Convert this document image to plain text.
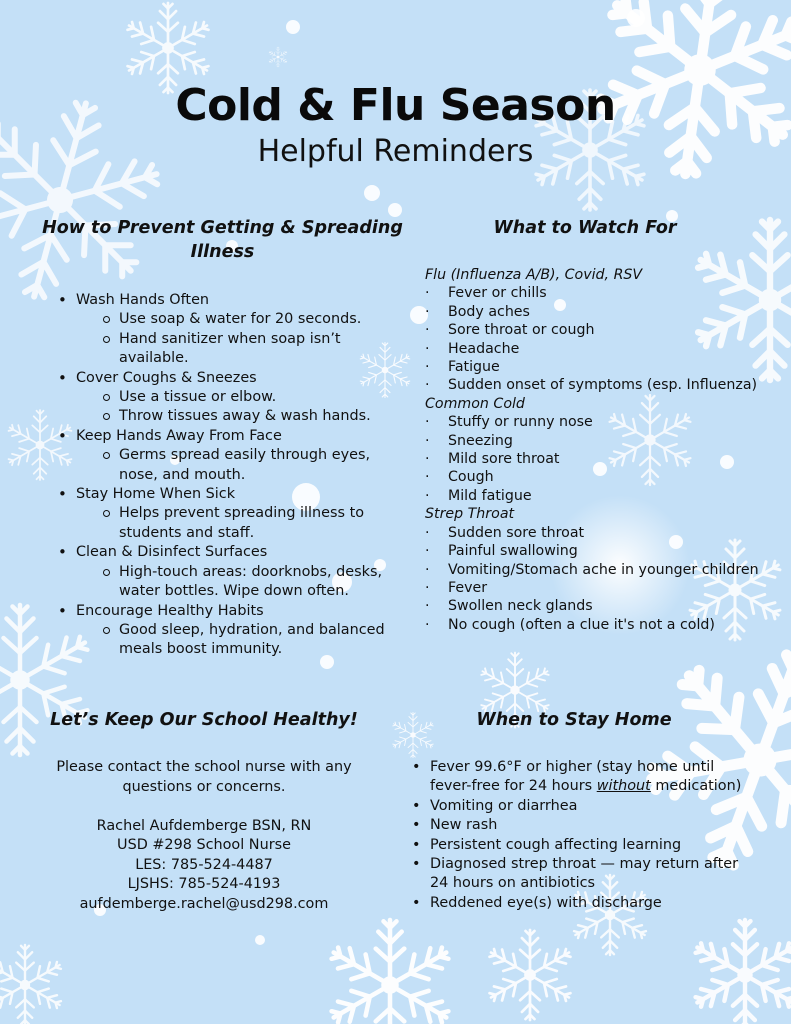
Cold & Flu Season
Helpful Reminders
How to Prevent Getting & Spreading
Illness
• Wash Hands Often
Use soap & water for 20 seconds.
Hand sanitizer when soap isn’t available.
• Cover Coughs & Sneezes
Use a tissue or elbow.
Throw tissues away & wash hands.
• Keep Hands Away From Face
Germs spread easily through eyes, nose, and mouth.
• Stay Home When Sick
Helps prevent spreading illness to students and staff.
• Clean & Disinfect Surfaces
High-touch areas: doorknobs, desks, water bottles. Wipe down often.
• Encourage Healthy Habits
Good sleep, hydration, and balanced meals boost immunity.
What to Watch For
Flu (Influenza A/B), Covid, RSV
· Fever or chills
· Body aches
· Sore throat or cough
· Headache
· Fatigue
· Sudden onset of symptoms (esp. Influenza)
Common Cold
· Stuffy or runny nose
· Sneezing
· Mild sore throat
· Cough
· Mild fatigue
Strep Throat
· Sudden sore throat
· Painful swallowing
· Vomiting/Stomach ache in younger children
· Fever
· Swollen neck glands
· No cough (often a clue it's not a cold)
Let’s Keep Our School Healthy!

Please contact the school nurse with any

questions or concerns.

Rachel Aufdemberge BSN, RN

USD #298 School Nurse

LES: 785-524-4487

LJSHS: 785-524-4193

aufdemberge.rachel@usd298.com

When to Stay Home
• Fever 99.6°F or higher (stay home until fever-free for 24 hours without medication)
• Vomiting or diarrhea
• New rash
• Persistent cough affecting learning
• Diagnosed strep throat — may return after 24 hours on antibiotics
• Reddened eye(s) with discharge
